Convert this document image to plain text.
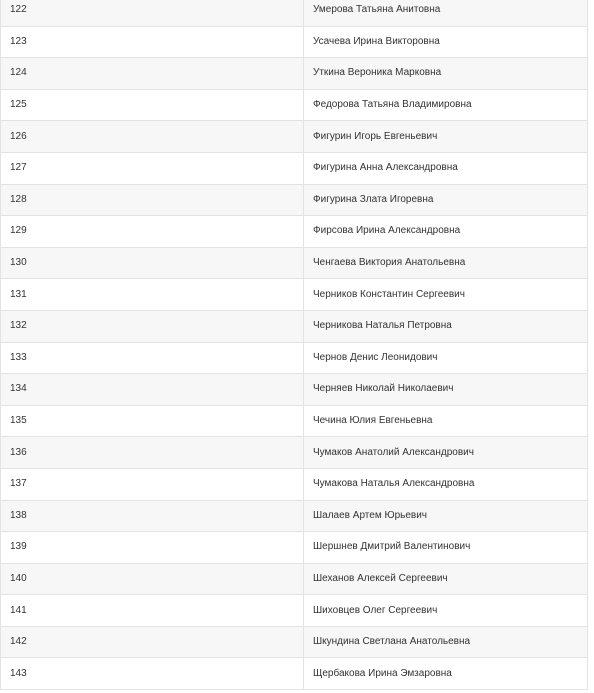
122	Умерова Татьяна Анитовна
123	Усачева Ирина Викторовна
124	Уткина Вероника Марковна
125	Федорова Татьяна Владимировна
126	Фигурин Игорь Евгеньевич
127	Фигурина Анна Александровна
128	Фигурина Злата Игоревна
129	Фирсова Ирина Александровна
130	Ченгаева Виктория Анатольевна
131	Черников Константин Сергеевич
132	Черникова Наталья Петровна
133	Чернов Денис Леонидович
134	Черняев Николай Николаевич
135	Чечина Юлия Евгеньевна
136	Чумаков Анатолий Александрович
137	Чумакова Наталья Александровна
138	Шалаев Артем Юрьевич
139	Шершнев Дмитрий Валентинович
140	Шеханов Алексей Сергеевич
141	Шиховцев Олег Сергеевич
142	Шкундина Светлана Анатольевна
143	Щербакова Ирина Эмзаровна
